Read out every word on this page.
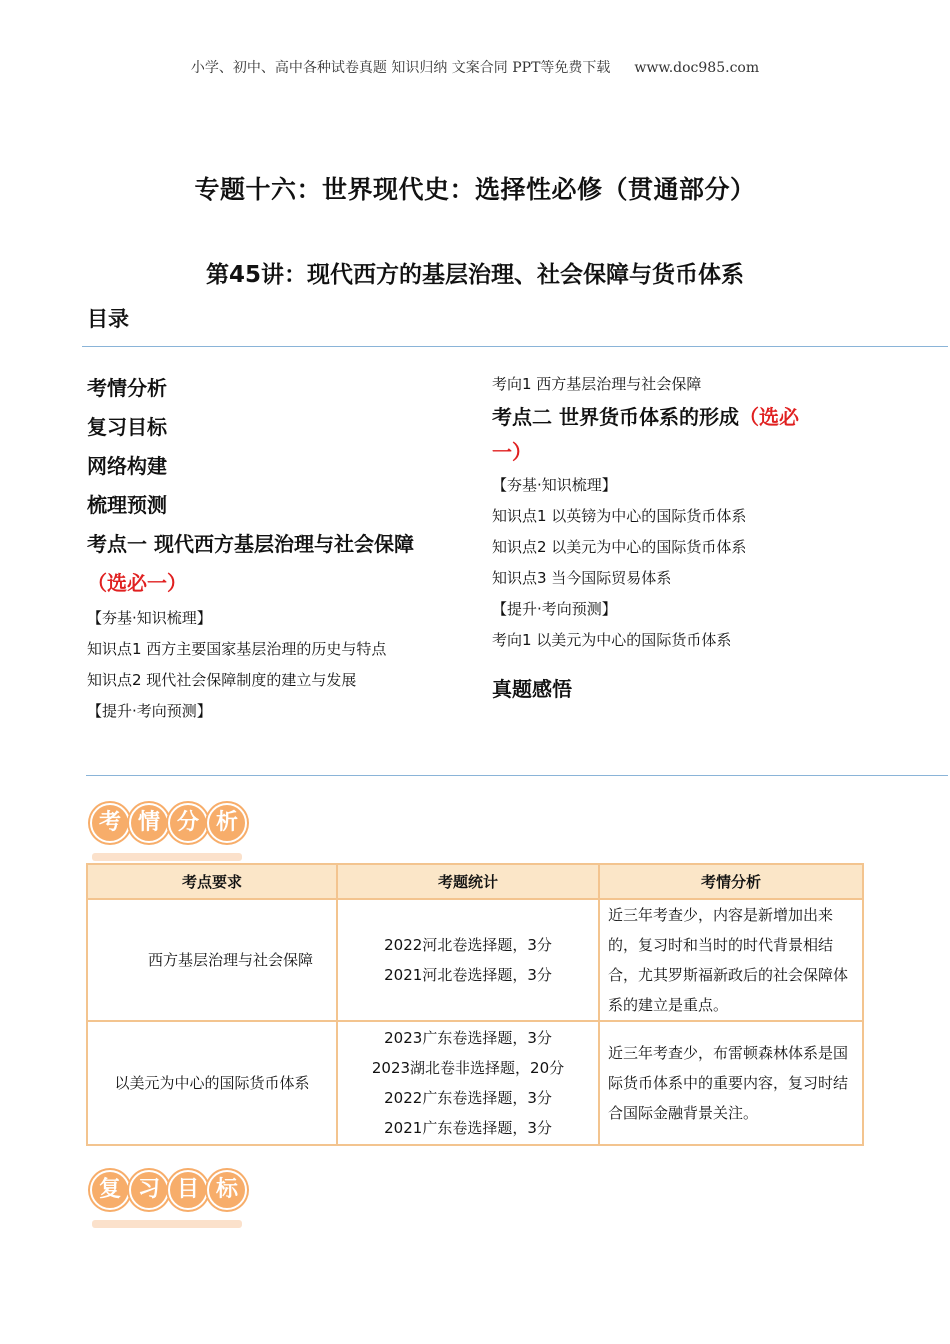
小学、初中、高中各种试卷真题 知识归纳 文案合同 PPT等免费下载 www.doc985.com
专题十六：世界现代史：选择性必修（贯通部分）
第45讲：现代西方的基层治理、社会保障与货币体系
目录
考情分析
复习目标
网络构建
梳理预测
考点一 现代西方基层治理与社会保障
（选必一）
【夯基·知识梳理】
知识点1 西方主要国家基层治理的历史与特点
知识点2 现代社会保障制度的建立与发展
【提升·考向预测】
考向1 西方基层治理与社会保障
考点二 世界货币体系的形成（选必
一）
【夯基·知识梳理】
知识点1 以英镑为中心的国际货币体系
知识点2 以美元为中心的国际货币体系
知识点3 当今国际贸易体系
【提升·考向预测】
考向1 以美元为中心的国际货币体系
真题感悟
考 情 分 析
考点要求	考题统计	考情分析
西方基层治理与社会保障	2022河北卷选择题，3分
2021河北卷选择题，3分	近三年考查少，内容是新增加出来的，复习时和当时的时代背景相结合，尤其罗斯福新政后的社会保障体系的建立是重点。
以美元为中心的国际货币体系	2023广东卷选择题，3分
2023湖北卷非选择题，20分
2022广东卷选择题，3分
2021广东卷选择题，3分	近三年考查少，布雷顿森林体系是国际货币体系中的重要内容，复习时结合国际金融背景关注。
复 习 目 标
